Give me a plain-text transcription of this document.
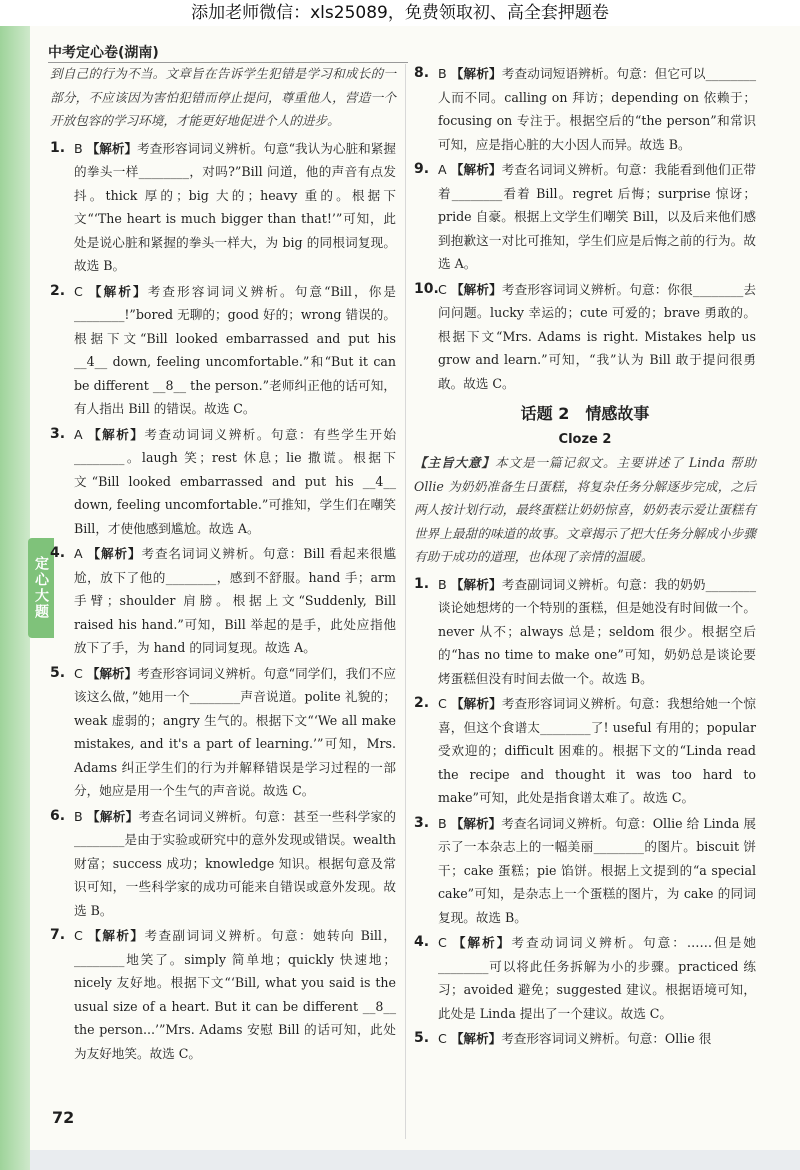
添加老师微信：xls25089，免费领取初、高全套押题卷
中考定心卷(湖南)
定心大题

到自己的行为不当。文章旨在告诉学生犯错是学习和成长的一部分，不应该因为害怕犯错而停止提问，尊重他人，营造一个开放包容的学习环境，才能更好地促进个人的进步。

1. B 【解析】考查形容词词义辨析。句意“我认为心脏和紧握的拳头一样________，对吗?”Bill 问道，他的声音有点发抖。thick 厚的；big 大的；heavy 重的。根据下文“‘The heart is much bigger than that!’”可知，此处是说心脏和紧握的拳头一样大，为 big 的同根词复现。故选 B。

2. C 【解析】考查形容词词义辨析。句意“Bill，你是________!”bored 无聊的；good 好的；wrong 错误的。根据下文“Bill looked embarrassed and put his __4__ down, feeling uncomfortable.”和“But it can be different __8__ the person.”老师纠正他的话可知，有人指出 Bill 的错误。故选 C。

3. A 【解析】考查动词词义辨析。句意：有些学生开始________。laugh 笑；rest 休息；lie 撒谎。根据下文“Bill looked embarrassed and put his __4__ down, feeling uncomfortable.”可推知，学生们在嘲笑 Bill，才使他感到尴尬。故选 A。

4. A 【解析】考查名词词义辨析。句意：Bill 看起来很尴尬，放下了他的________，感到不舒服。hand 手；arm 手臂；shoulder 肩膀。根据上文“Suddenly, Bill raised his hand.”可知，Bill 举起的是手，此处应指他放下了手，为 hand 的同词复现。故选 A。

5. C 【解析】考查形容词词义辨析。句意“同学们，我们不应该这么做，”她用一个________声音说道。polite 礼貌的；weak 虚弱的；angry 生气的。根据下文“‘We all make mistakes, and it's a part of learning.’”可知，Mrs. Adams 纠正学生们的行为并解释错误是学习过程的一部分，她应是用一个生气的声音说。故选 C。

6. B 【解析】考查名词词义辨析。句意：甚至一些科学家的________是由于实验或研究中的意外发现或错误。wealth 财富；success 成功；knowledge 知识。根据句意及常识可知，一些科学家的成功可能来自错误或意外发现。故选 B。

7. C 【解析】考查副词词义辨析。句意：她转向 Bill，________地笑了。simply 简单地；quickly 快速地；nicely 友好地。根据下文“‘Bill, what you said is the usual size of a heart. But it can be different __8__ the person...’”Mrs. Adams 安慰 Bill 的话可知，此处为友好地笑。故选 C。

8. B 【解析】考查动词短语辨析。句意：但它可以________人而不同。calling on 拜访；depending on 依赖于；focusing on 专注于。根据空后的“the person”和常识可知，应是指心脏的大小因人而异。故选 B。

9. A 【解析】考查名词词义辨析。句意：我能看到他们正带着________看着 Bill。regret 后悔；surprise 惊讶；pride 自豪。根据上文学生们嘲笑 Bill，以及后来他们感到抱歉这一对比可推知，学生们应是后悔之前的行为。故选 A。

10. C 【解析】考查形容词词义辨析。句意：你很________去问问题。lucky 幸运的；cute 可爱的；brave 勇敢的。根据下文“Mrs. Adams is right. Mistakes help us grow and learn.”可知，“我”认为 Bill 敢于提问很勇敢。故选 C。

话题 2　情感故事
Cloze 2

【主旨大意】本文是一篇记叙文。主要讲述了 Linda 帮助 Ollie 为奶奶准备生日蛋糕，将复杂任务分解逐步完成，之后两人按计划行动，最终蛋糕让奶奶惊喜，奶奶表示爱让蛋糕有世界上最甜的味道的故事。文章揭示了把大任务分解成小步骤有助于成功的道理，也体现了亲情的温暖。

1. B 【解析】考查副词词义辨析。句意：我的奶奶________谈论她想烤的一个特别的蛋糕，但是她没有时间做一个。never 从不；always 总是；seldom 很少。根据空后的“has no time to make one”可知，奶奶总是谈论要烤蛋糕但没有时间去做一个。故选 B。

2. C 【解析】考查形容词词义辨析。句意：我想给她一个惊喜，但这个食谱太________了! useful 有用的；popular 受欢迎的；difficult 困难的。根据下文的“Linda read the recipe and thought it was too hard to make”可知，此处是指食谱太难了。故选 C。

3. B 【解析】考查名词词义辨析。句意：Ollie 给 Linda 展示了一本杂志上的一幅美丽________的图片。biscuit 饼干；cake 蛋糕；pie 馅饼。根据上文提到的“a special cake”可知，是杂志上一个蛋糕的图片，为 cake 的同词复现。故选 B。

4. C 【解析】考查动词词义辨析。句意：……但是她________可以将此任务拆解为小的步骤。practiced 练习；avoided 避免；suggested 建议。根据语境可知，此处是 Linda 提出了一个建议。故选 C。

5. C 【解析】考查形容词词义辨析。句意：Ollie 很

72
